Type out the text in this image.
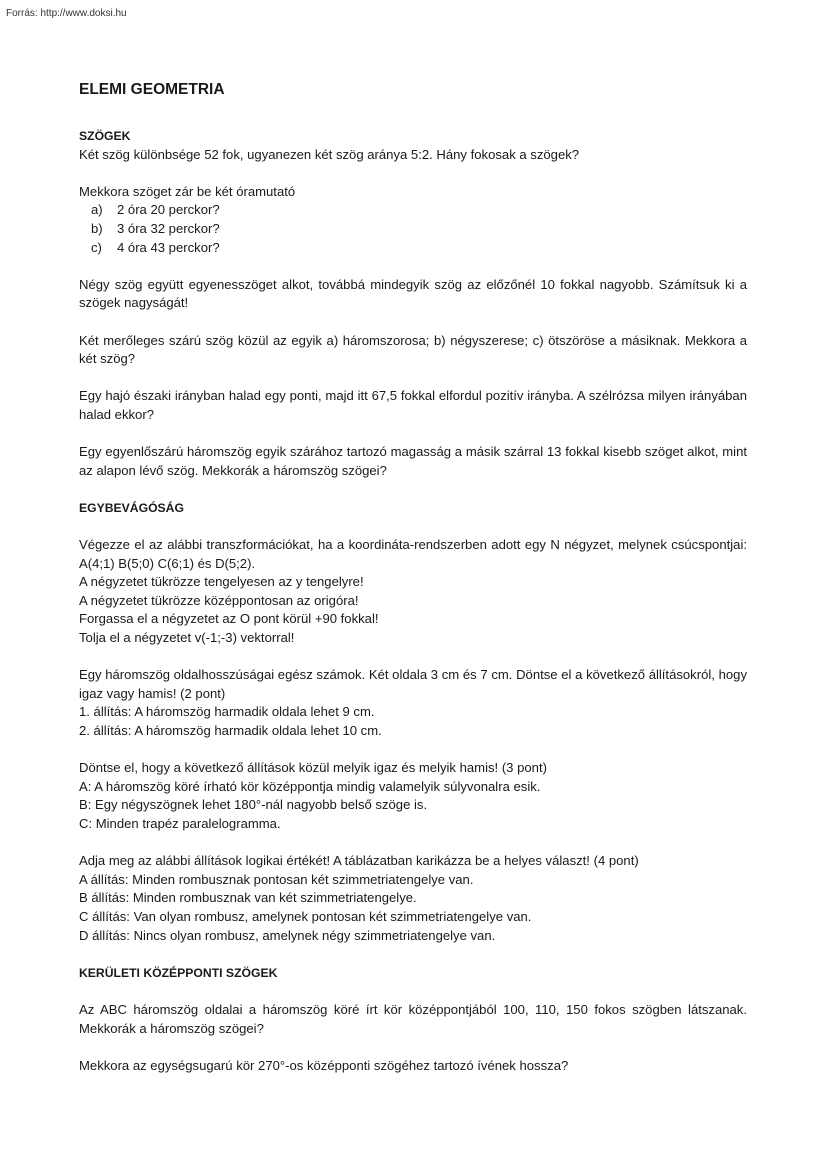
Forrás: http://www.doksi.hu
ELEMI GEOMETRIA

SZÖGEK

Két szög különbsége 52 fok, ugyanezen két szög aránya 5:2. Hány fokosak a szögek?

Mekkora szöget zár be két óramutató

a)	2 óra 20 perckor?
b)	3 óra 32 perckor?
c)	4 óra 43 perckor?

Négy szög együtt egyenesszöget alkot, továbbá mindegyik szög az előzőnél 10 fokkal nagyobb. Számítsuk ki a szögek nagyságát!

Két merőleges szárú szög közül az egyik a) háromszorosa; b) négyszerese; c) ötszöröse a másiknak. Mekkora a két szög?

Egy hajó északi irányban halad egy ponti, majd itt 67,5 fokkal elfordul pozitív irányba. A szélrózsa milyen irányában halad ekkor?

Egy egyenlőszárú háromszög egyik szárához tartozó magasság a másik szárral 13 fokkal kisebb szöget alkot, mint az alapon lévő szög. Mekkorák a háromszög szögei?

EGYBEVÁGÓSÁG

Végezze el az alábbi transzformációkat, ha a koordináta-rendszerben adott egy N négyzet, melynek csúcspontjai: A(4;1) B(5;0) C(6;1) és D(5;2).

A négyzetet tükrözze tengelyesen az y tengelyre!
A négyzetet tükrözze középpontosan az origóra!
Forgassa el a négyzetet az O pont körül +90 fokkal!
Tolja el a négyzetet v(-1;-3) vektorral!

Egy háromszög oldalhosszúságai egész számok. Két oldala 3 cm és 7 cm. Döntse el a következő állításokról, hogy igaz vagy hamis! (2 pont)

1. állítás: A háromszög harmadik oldala lehet 9 cm.
2. állítás: A háromszög harmadik oldala lehet 10 cm.

Döntse el, hogy a következő állítások közül melyik igaz és melyik hamis! (3 pont)

A: A háromszög köré írható kör középpontja mindig valamelyik súlyvonalra esik.
B: Egy négyszögnek lehet 180°-nál nagyobb belső szöge is.
C: Minden trapéz paralelogramma.

Adja meg az alábbi állítások logikai értékét! A táblázatban karikázza be a helyes választ! (4 pont)

A állítás: Minden rombusznak pontosan két szimmetriatengelye van.
B állítás: Minden rombusznak van két szimmetriatengelye.
C állítás: Van olyan rombusz, amelynek pontosan két szimmetriatengelye van.
D állítás: Nincs olyan rombusz, amelynek négy szimmetriatengelye van.

KERÜLETI KÖZÉPPONTI SZÖGEK

Az ABC háromszög oldalai a háromszög köré írt kör középpontjából 100, 110, 150 fokos szögben látszanak. Mekkorák a háromszög szögei?

Mekkora az egységsugarú kör 270°-os középponti szögéhez tartozó ívének hossza?
